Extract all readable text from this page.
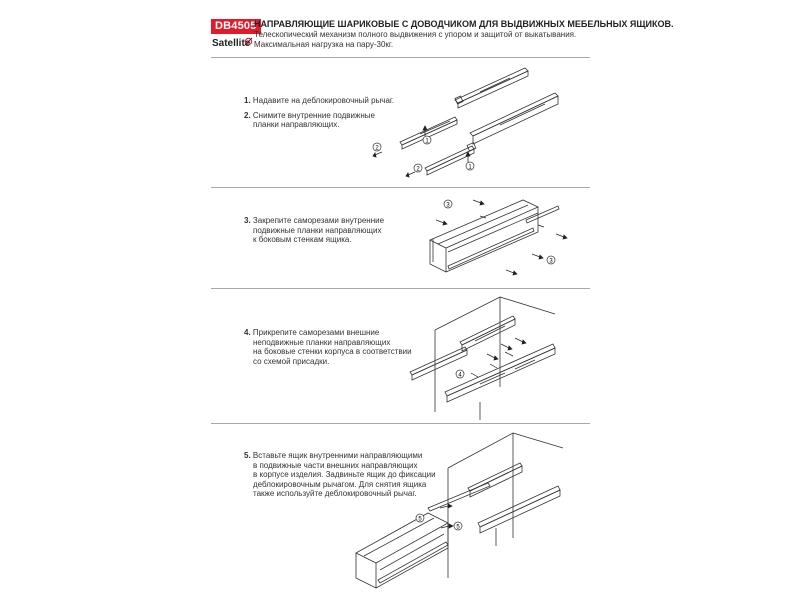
DB4505
Satellite
НАПРАВЛЯЮЩИЕ ШАРИКОВЫЕ С ДОВОДЧИКОМ ДЛЯ ВЫДВИЖНЫХ МЕБЕЛЬНЫХ ЯЩИКОВ.
Телескопический механизм полного выдвижения с упором и защитой от выкатывания.
Максимальная нагрузка на пару-30кг.

1. Надавите на деблокировочный рычаг.

2. Снимите внутренние подвижные
планки направляющих.

3. Закрепите саморезами внутренние
подвижные планки направляющих
к боковым стенкам ящика.

4. Прикрепите саморезами внешние
неподвижные планки направляющих
на боковые стенки корпуса в соответствии
со схемой присадки.

5. Вставьте ящик внутренними направляющими
в подвижные части внешних направляющих
в корпусе изделия. Задвиньте ящик до фиксации
деблокировочным рычагом. Для снятия ящика
также используйте деблокировочный рычаг.

1
1
2
2
3
3
4
5
5
